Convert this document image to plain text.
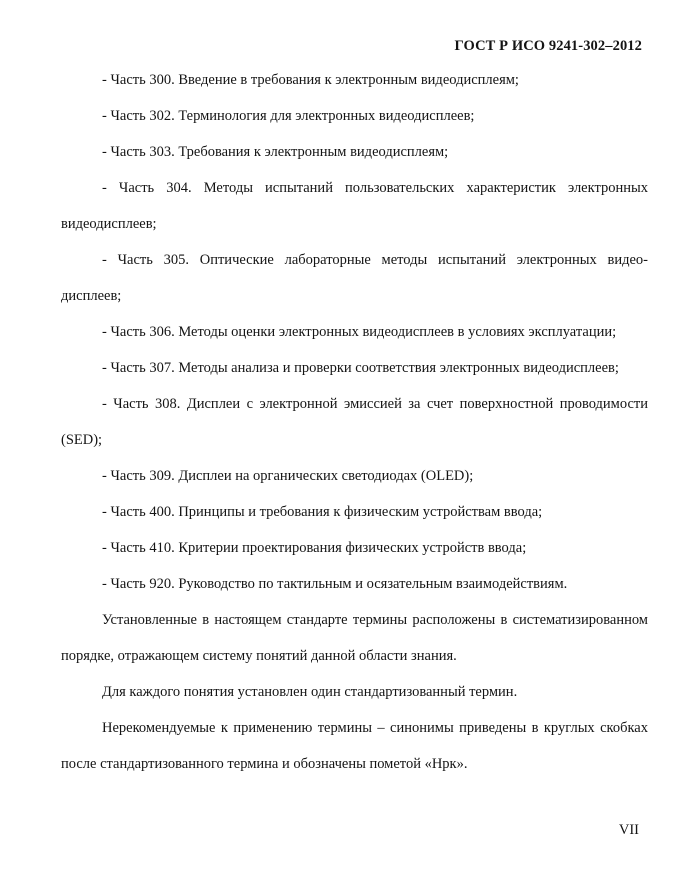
ГОСТ Р ИСО 9241-302–2012

- Часть 300. Введение в требования к электронным видеодисплеям;

- Часть 302. Терминология для электронных видеодисплеев;

- Часть 303. Требования к электронным видеодисплеям;

- Часть 304. Методы испытаний пользовательских характеристик электронных видеодисплеев;

- Часть 305. Оптические лабораторные методы испытаний электронных видео-дисплеев;

- Часть 306. Методы оценки электронных видеодисплеев в условиях эксплуатации;

- Часть 307. Методы анализа и проверки соответствия электронных видеодисплеев;

- Часть 308. Дисплеи с электронной эмиссией за счет поверхностной проводимости (SED);

- Часть 309. Дисплеи на органических светодиодах (OLED);

- Часть 400. Принципы и требования к физическим устройствам ввода;

- Часть 410. Критерии проектирования физических устройств ввода;

- Часть 920. Руководство по тактильным и осязательным взаимодействиям.

Установленные в настоящем стандарте термины расположены в систематизированном порядке, отражающем систему понятий данной области знания.

Для каждого понятия установлен один стандартизованный термин.

Нерекомендуемые к применению термины – синонимы приведены в круглых скобках после стандартизованного термина и обозначены пометой «Нрк».

VII
